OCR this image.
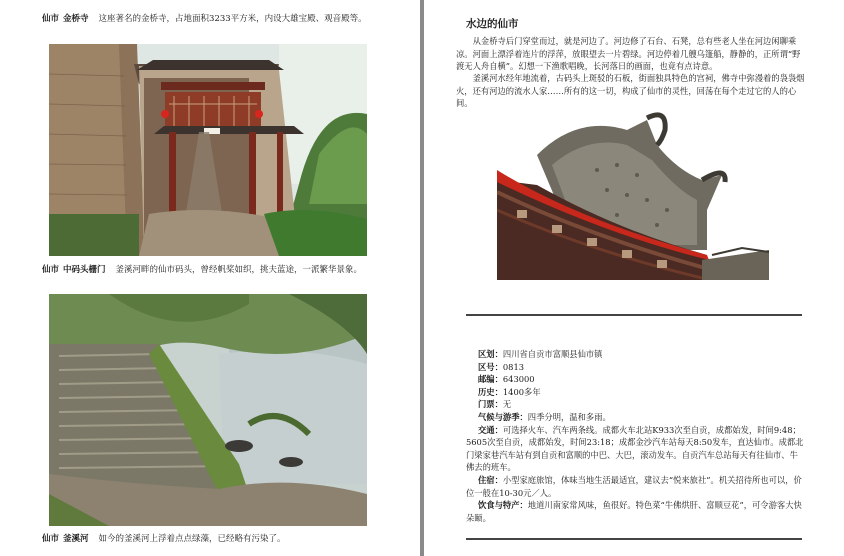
仙市 金桥寺 这座著名的金桥寺，占地面积3233平方米，内设大雄宝殿、观音殿等。

仙市 中码头栅门 釜溪河畔的仙市码头，曾经帆桨如织，挑夫蓝途，一派繁华景象。

仙市 釜溪河 如今的釜溪河上浮着点点绿藻，已经略有污染了。

水边的仙市

从金桥寺后门穿堂而过，就是河边了。河边修了石台、石凳，总有些老人坐在河边闲聊乘凉。河面上漂浮着连片的浮萍，放眼望去一片碧绿。河边停着几艘乌篷船，静静的，正所谓“野渡无人舟自横”。幻想一下渔歌唱晚，长河落日的画面，也竟有点诗意。

釜溪河水经年地流着，古码头上斑驳的石板，街面独具特色的宫祠，佛寺中弥漫着的袅袅烟火，还有河边的流水人家……所有的这一切，构成了仙市的灵性，回荡在每个走过它的人的心间。

区划：四川省自贡市富顺县仙市镇

区号：0813

邮编：643000

历史：1400多年

门票：无

气候与游季：四季分明，温和多雨。

交通：可选择火车、汽车两条线。成都火车北站K933次至自贡，成都始发，时间9:48；5605次至自贡，成都始发，时间23:18；成都金沙汽车站每天8:50发车，直达仙市。成都北门梁家巷汽车站有到自贡和富顺的中巴、大巴，滚动发车。自贡汽车总站每天有往仙市、牛佛去的班车。

住宿：小型家庭旅馆，体味当地生活最适宜，建议去“悦来旅社”。机关招待所也可以，价位一般在10-30元／人。

饮食与特产：地道川南家常风味，鱼很好。特色菜“牛佛烘肝、富顺豆花”，可令游客大快朵颐。
